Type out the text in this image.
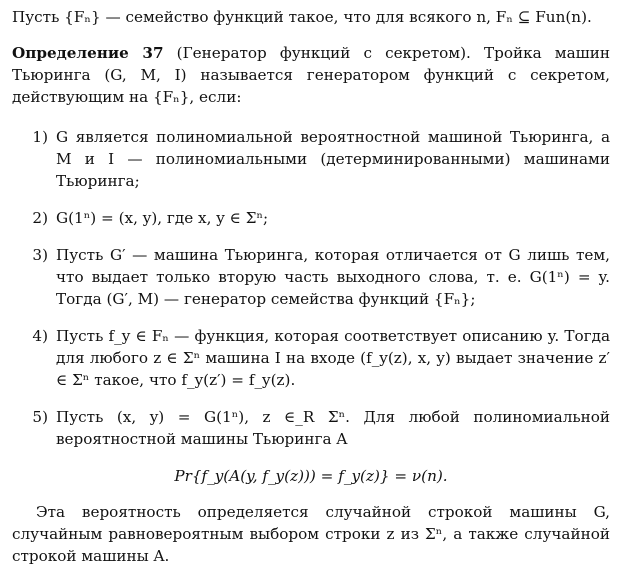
Пусть {Fₙ} — семейство функций такое, что для всякого n, Fₙ ⊆ Fun(n).

Определение 37 (Генератор функций с секретом). Тройка машин Тьюринга (G, M, I) называется генератором функций с секретом, действующим на {Fₙ}, если:

1) G является полиномиальной вероятностной машиной Тьюринга, а M и I — полиномиальными (детерминированными) машинами Тьюринга;
2) G(1ⁿ) = (x, y), где x, y ∈ Σⁿ;
3) Пусть G′ — машина Тьюринга, которая отличается от G лишь тем, что выдает только вторую часть выходного слова, т. е. G(1ⁿ) = y. Тогда (G′, M) — генератор семейства функций {Fₙ};
4) Пусть f_y ∈ Fₙ — функция, которая соответствует описанию y. Тогда для любого z ∈ Σⁿ машина I на входе (f_y(z), x, y) выдает значение z′ ∈ Σⁿ такое, что f_y(z′) = f_y(z).
5) Пусть (x, y) = G(1ⁿ), z ∈_R Σⁿ. Для любой полиномиальной вероятностной машины Тьюринга A
Pr{f_y(A(y, f_y(z))) = f_y(z)} = ν(n).

Эта вероятность определяется случайной строкой машины G, случайным равновероятным выбором строки z из Σⁿ, а также случайной строкой машины A.
